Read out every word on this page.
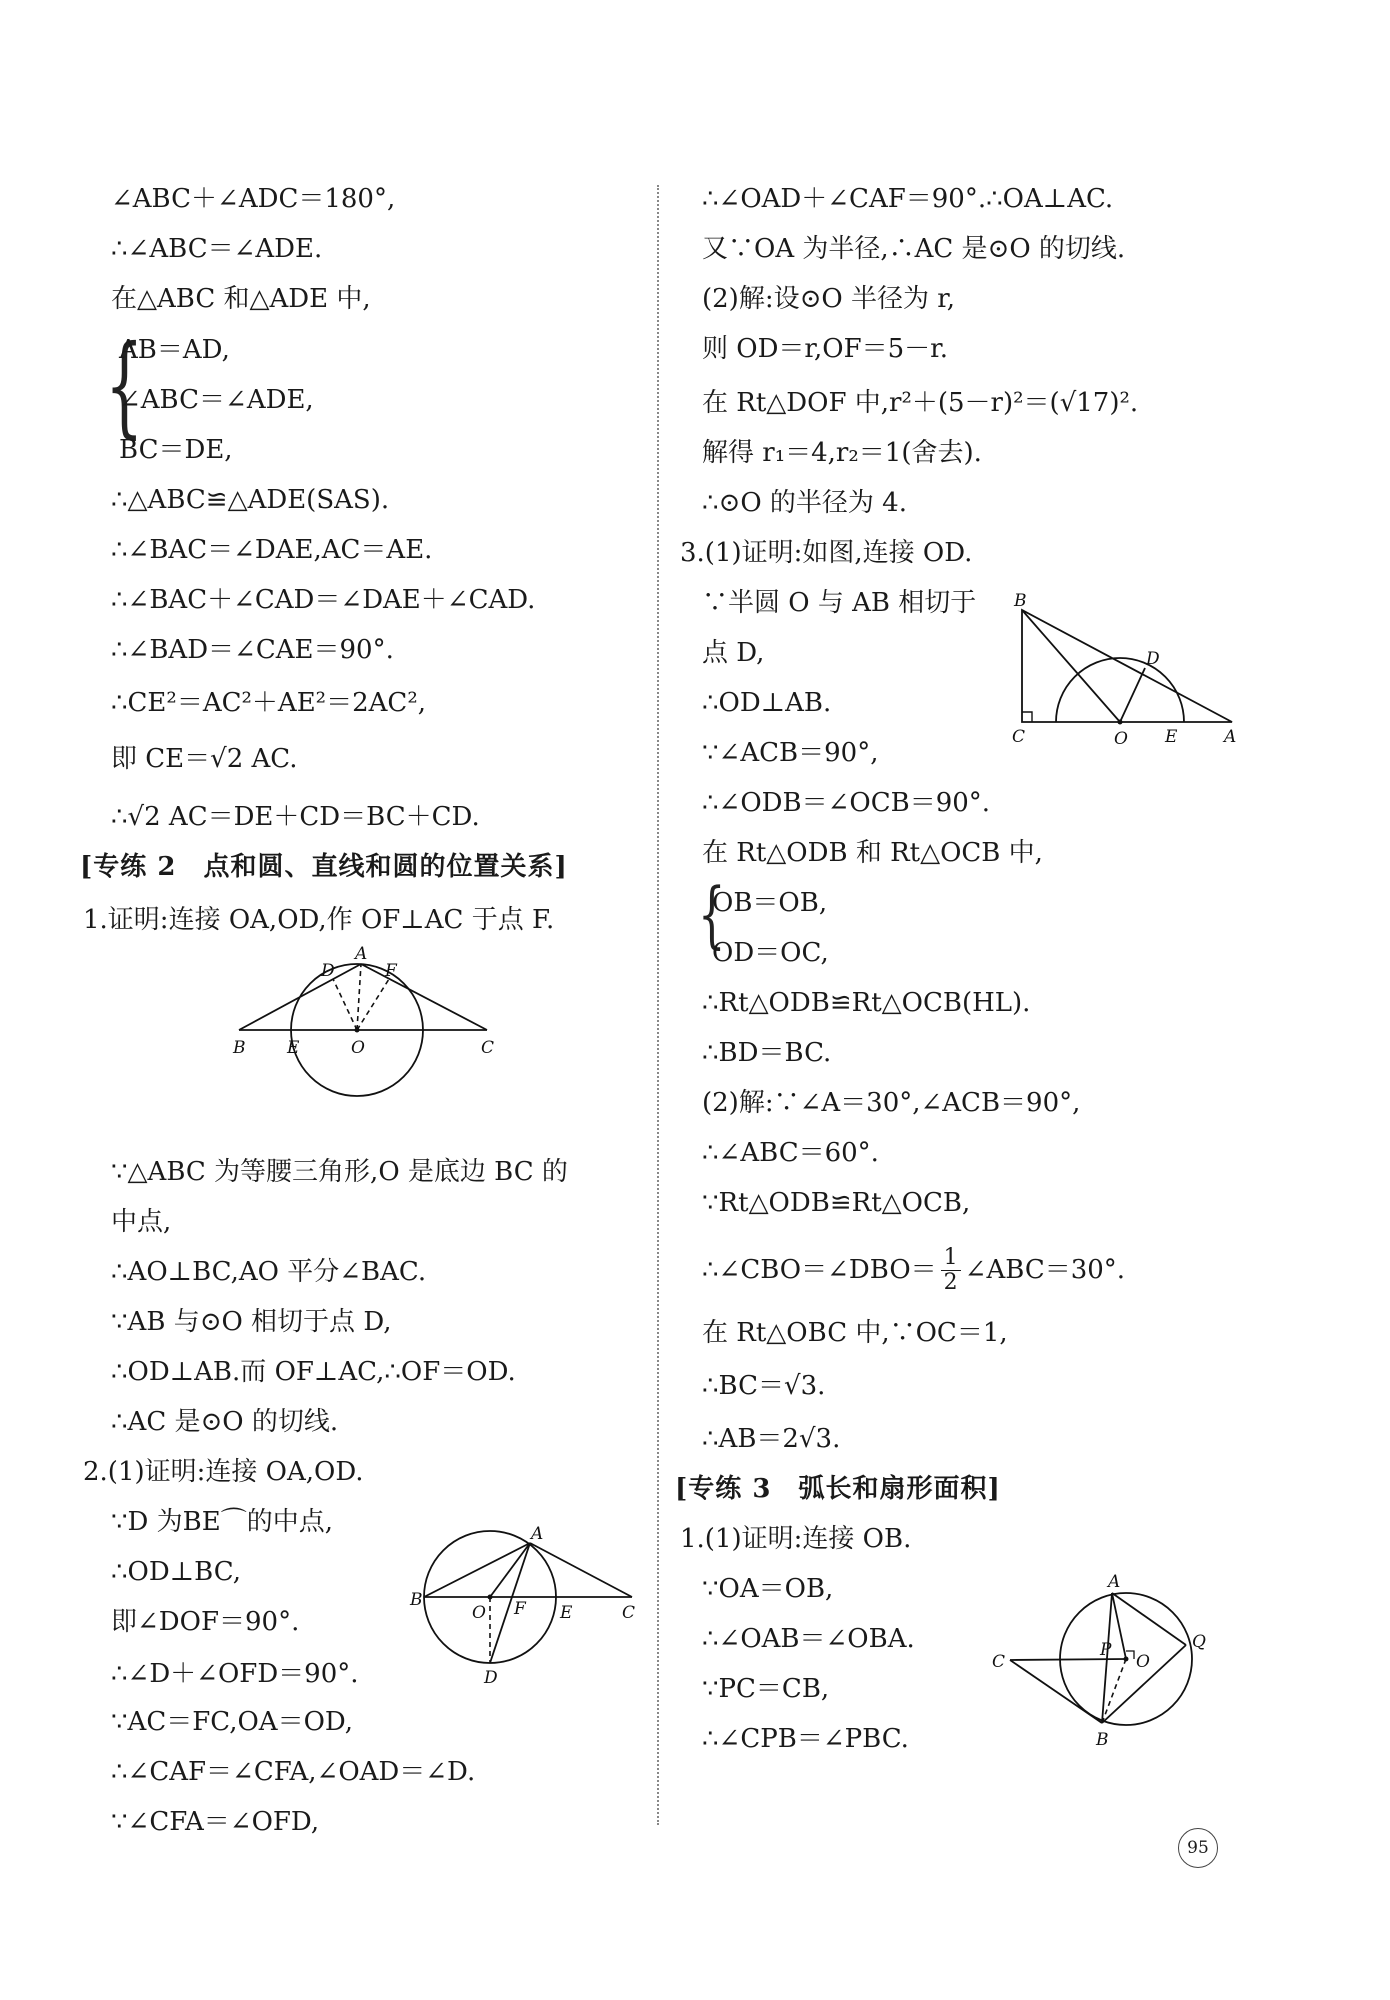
∠ABC＋∠ADC＝180°,
∴∠ABC＝∠ADE.
在△ABC 和△ADE 中,
{
AB＝AD,
∠ABC＝∠ADE,
BC＝DE,
∴△ABC≌△ADE(SAS).
∴∠BAC＝∠DAE,AC＝AE.
∴∠BAC＋∠CAD＝∠DAE＋∠CAD.
∴∠BAD＝∠CAE＝90°.
∴CE²＝AC²＋AE²＝2AC²,
即 CE＝√2 AC.
∴√2 AC＝DE＋CD＝BC＋CD.
[专练 2　点和圆、直线和圆的位置关系]
1.证明:连接 OA,OD,作 OF⊥AC 于点 F.
A
B	C
D	F
E	O
∵△ABC 为等腰三角形,O 是底边 BC 的
中点,
∴AO⊥BC,AO 平分∠BAC.
∵AB 与⊙O 相切于点 D,
∴OD⊥AB.而 OF⊥AC,∴OF＝OD.
∴AC 是⊙O 的切线.
2.(1)证明:连接 OA,OD.
∵D 为BE⌒的中点,
∴OD⊥BC,
即∠DOF＝90°.
∴∠D＋∠OFD＝90°.
∵AC＝FC,OA＝OD,
∴∠CAF＝∠CFA,∠OAD＝∠D.
∵∠CFA＝∠OFD,
A
B
C
D
E
F
O
∴∠OAD＋∠CAF＝90°.∴OA⊥AC.
又∵OA 为半径,∴AC 是⊙O 的切线.
(2)解:设⊙O 半径为 r,
则 OD＝r,OF＝5－r.
在 Rt△DOF 中,r²＋(5－r)²＝(√17)².
解得 r₁＝4,r₂＝1(舍去).
∴⊙O 的半径为 4.
3.(1)证明:如图,连接 OD.
∵半圆 O 与 AB 相切于
点 D,
∴OD⊥AB.
∵∠ACB＝90°,
∴∠ODB＝∠OCB＝90°.
在 Rt△ODB 和 Rt△OCB 中,
{
OB＝OB,
OD＝OC,
∴Rt△ODB≌Rt△OCB(HL).
∴BD＝BC.
(2)解:∵∠A＝30°,∠ACB＝90°,
∴∠ABC＝60°.
∵Rt△ODB≌Rt△OCB,
∴∠CBO＝∠DBO＝ $\frac{1}{2}$ ∠ABC＝30°.
在 Rt△OBC 中,∵OC＝1,
∴BC＝√3.
∴AB＝2√3.
[专练 3　弧长和扇形面积]
1.(1)证明:连接 OB.
∵OA＝OB,
∴∠OAB＝∠OBA.
∵PC＝CB,
∴∠CPB＝∠PBC.
B
C
D
E
O	A
A
B
C	O
P	Q
95
